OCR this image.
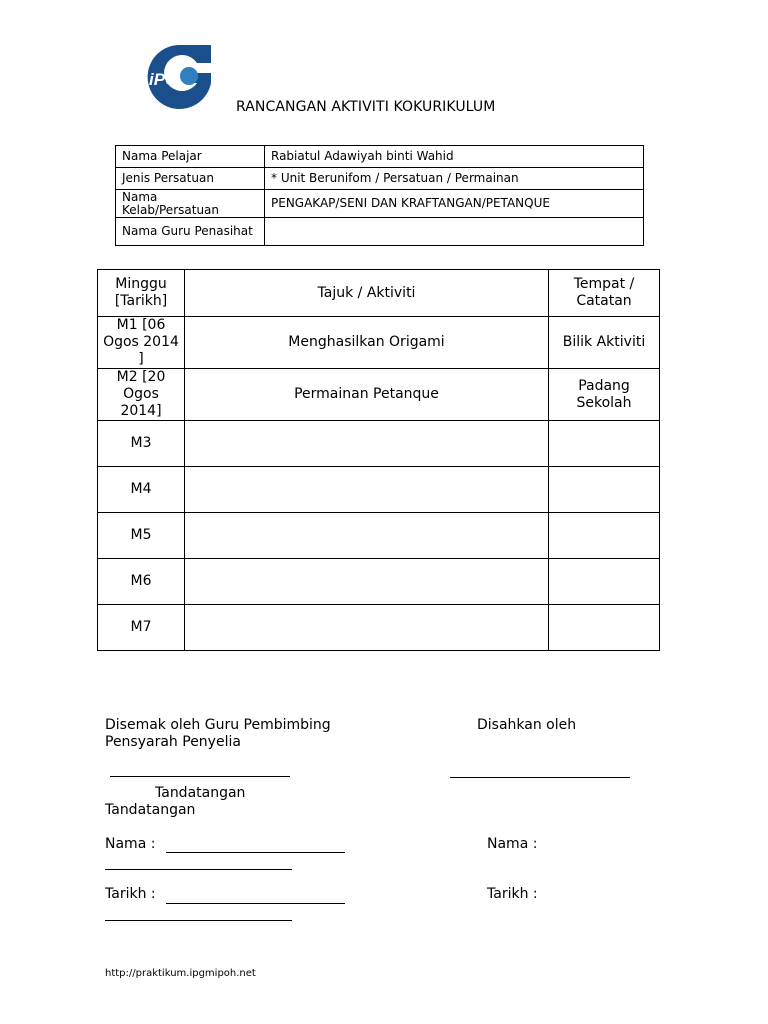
iPG
RANCANGAN AKTIVITI KOKURIKULUM
Nama Pelajar	Rabiatul Adawiyah binti Wahid
Jenis Persatuan	* Unit Berunifom / Persatuan / Permainan
Nama Kelab/Persatuan	PENGAKAP/SENI DAN KRAFTANGAN/PETANQUE
Nama Guru Penasihat	
Minggu [Tarikh]	Tajuk / Aktiviti	Tempat / Catatan
M1 [06 Ogos 2014 ]	Menghasilkan Origami	Bilik Aktiviti
M2 [20 Ogos 2014]	Permainan Petanque	Padang Sekolah
M3		
M4		
M5		
M6		
M7		
Disemak oleh Guru Pembimbing	Disahkan oleh
Pensyarah Penyelia
Tandatangan
Tandatangan
Nama :	Nama :
Tarikh :	Tarikh :
http://praktikum.ipgmipoh.net
